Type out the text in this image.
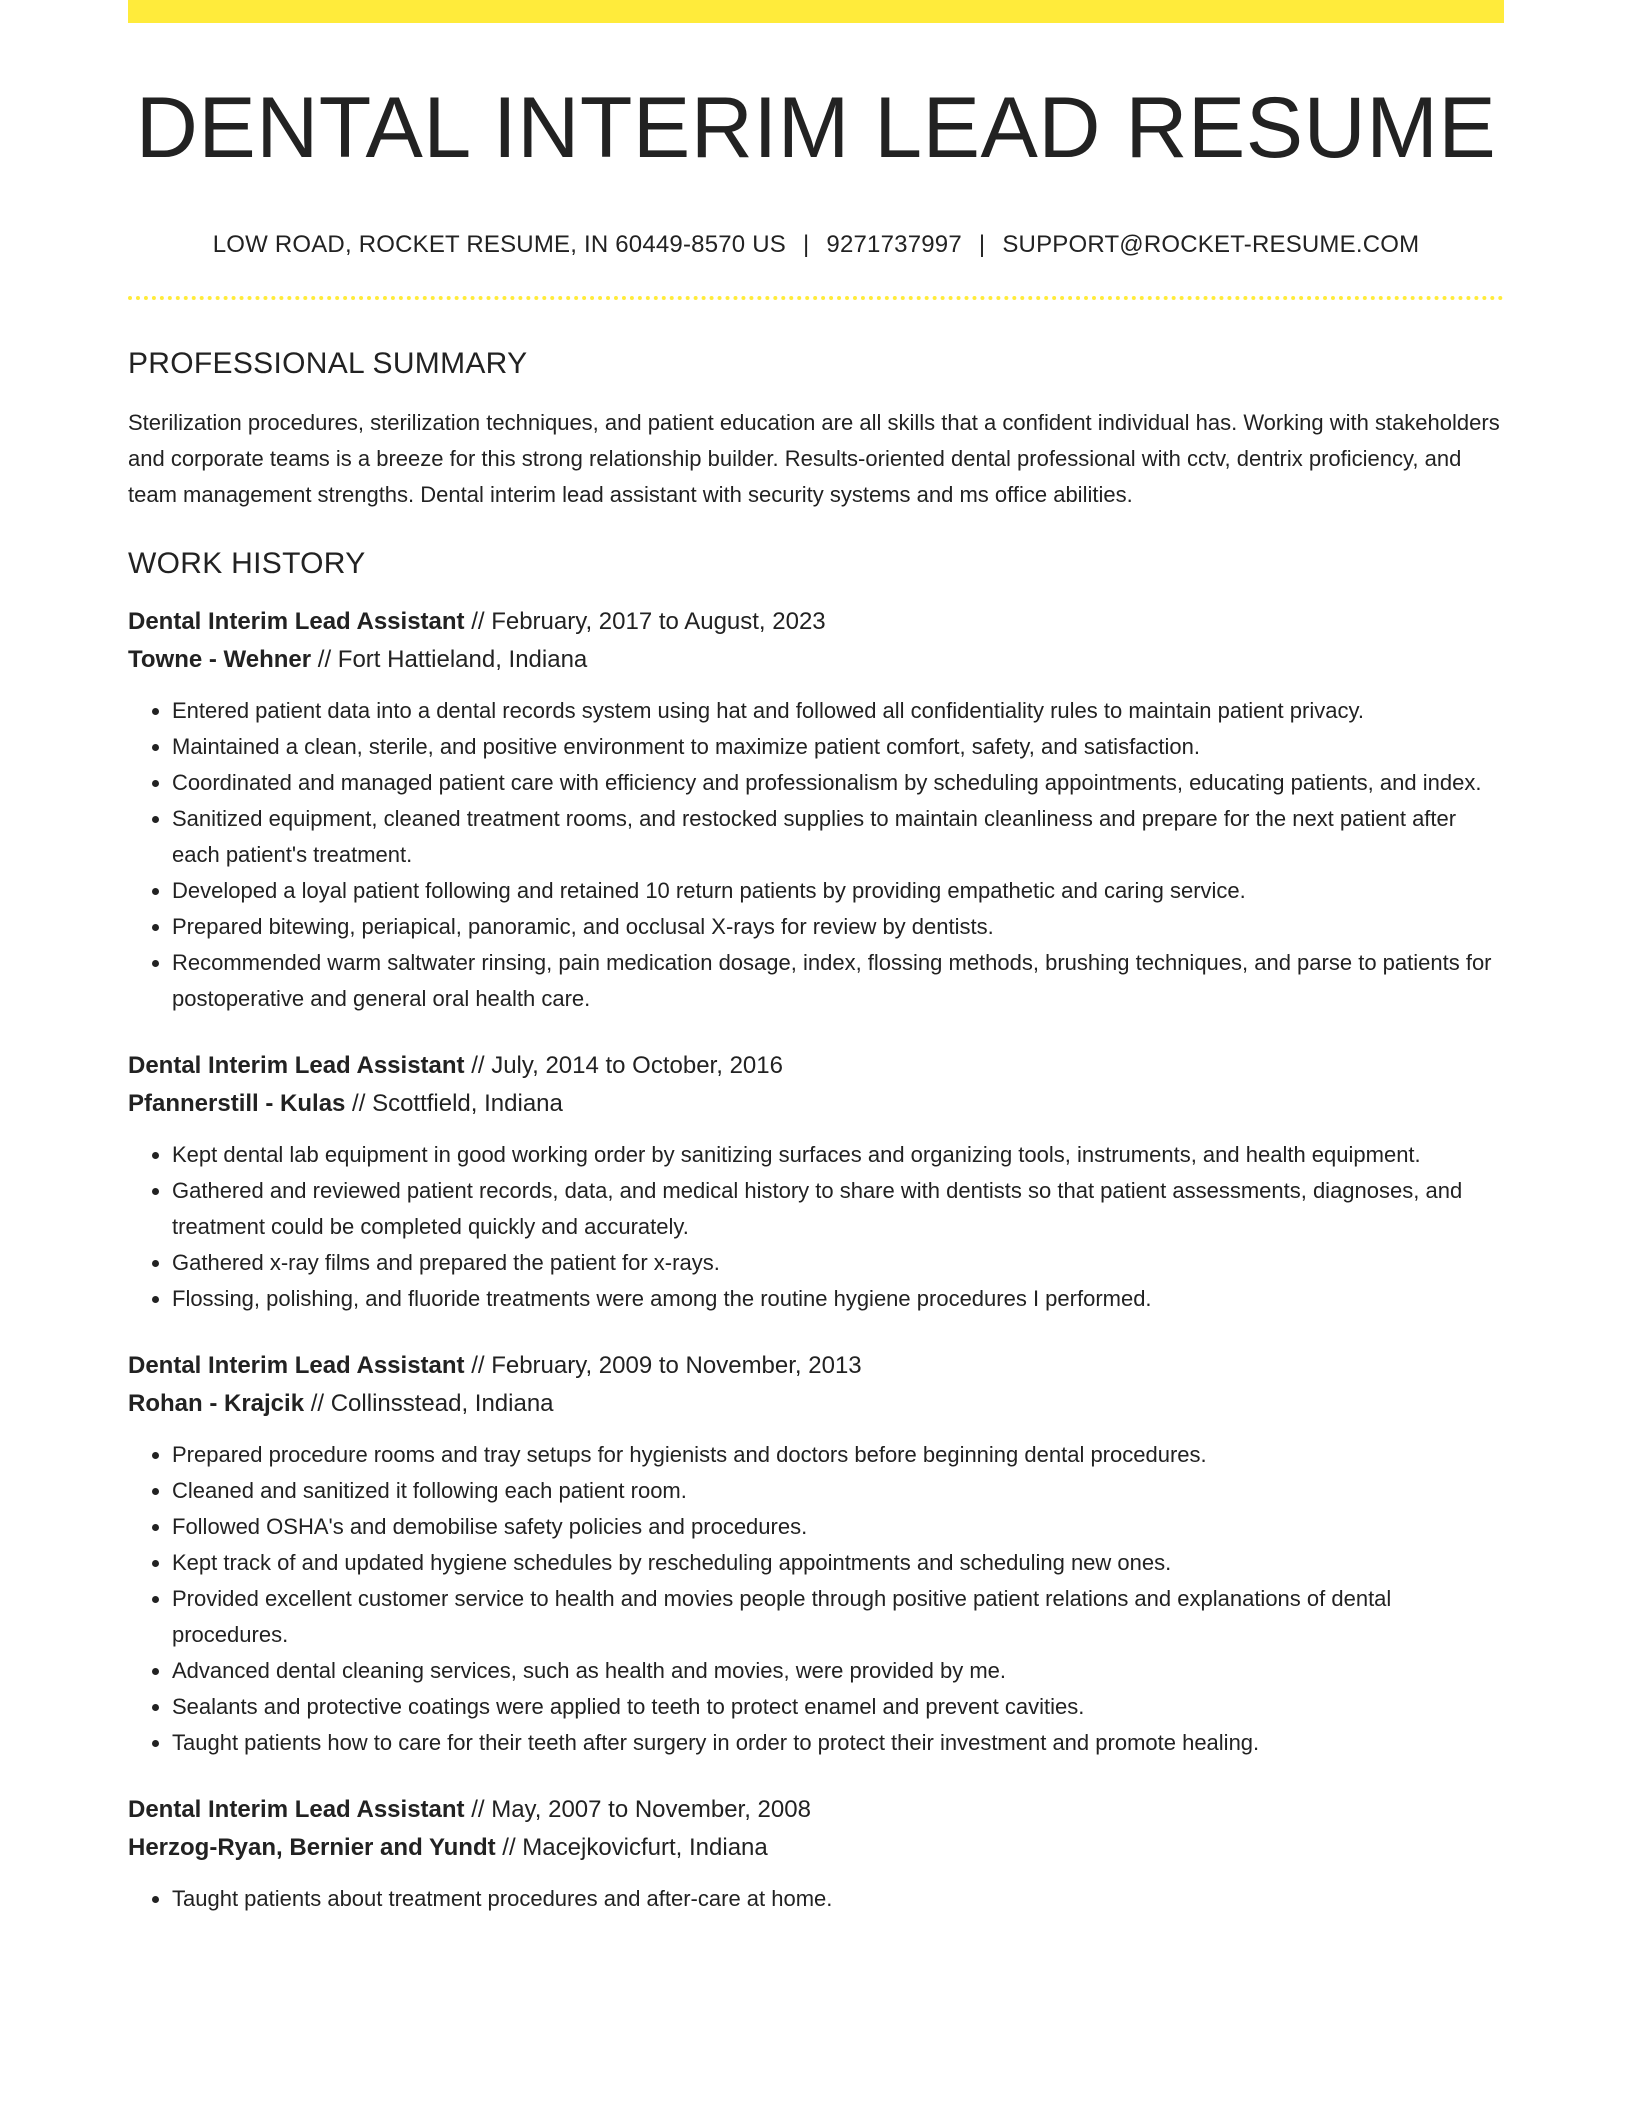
DENTAL INTERIM LEAD RESUME
LOW ROAD, ROCKET RESUME, IN 60449-8570 US | 9271737997 | SUPPORT@ROCKET-RESUME.COM
PROFESSIONAL SUMMARY
Sterilization procedures, sterilization techniques, and patient education are all skills that a confident individual has. Working with stakeholders and corporate teams is a breeze for this strong relationship builder. Results-oriented dental professional with cctv, dentrix proficiency, and team management strengths. Dental interim lead assistant with security systems and ms office abilities.
WORK HISTORY
Dental Interim Lead Assistant // February, 2017 to August, 2023
Towne - Wehner // Fort Hattieland, Indiana
• Entered patient data into a dental records system using hat and followed all confidentiality rules to maintain patient privacy.
• Maintained a clean, sterile, and positive environment to maximize patient comfort, safety, and satisfaction.
• Coordinated and managed patient care with efficiency and professionalism by scheduling appointments, educating patients, and index.
• Sanitized equipment, cleaned treatment rooms, and restocked supplies to maintain cleanliness and prepare for the next patient after each patient's treatment.
• Developed a loyal patient following and retained 10 return patients by providing empathetic and caring service.
• Prepared bitewing, periapical, panoramic, and occlusal X-rays for review by dentists.
• Recommended warm saltwater rinsing, pain medication dosage, index, flossing methods, brushing techniques, and parse to patients for postoperative and general oral health care.
Dental Interim Lead Assistant // July, 2014 to October, 2016
Pfannerstill - Kulas // Scottfield, Indiana
• Kept dental lab equipment in good working order by sanitizing surfaces and organizing tools, instruments, and health equipment.
• Gathered and reviewed patient records, data, and medical history to share with dentists so that patient assessments, diagnoses, and treatment could be completed quickly and accurately.
• Gathered x-ray films and prepared the patient for x-rays.
• Flossing, polishing, and fluoride treatments were among the routine hygiene procedures I performed.
Dental Interim Lead Assistant // February, 2009 to November, 2013
Rohan - Krajcik // Collinsstead, Indiana
• Prepared procedure rooms and tray setups for hygienists and doctors before beginning dental procedures.
• Cleaned and sanitized it following each patient room.
• Followed OSHA's and demobilise safety policies and procedures.
• Kept track of and updated hygiene schedules by rescheduling appointments and scheduling new ones.
• Provided excellent customer service to health and movies people through positive patient relations and explanations of dental procedures.
• Advanced dental cleaning services, such as health and movies, were provided by me.
• Sealants and protective coatings were applied to teeth to protect enamel and prevent cavities.
• Taught patients how to care for their teeth after surgery in order to protect their investment and promote healing.
Dental Interim Lead Assistant // May, 2007 to November, 2008
Herzog-Ryan, Bernier and Yundt // Macejkovicfurt, Indiana
• Taught patients about treatment procedures and after-care at home.
